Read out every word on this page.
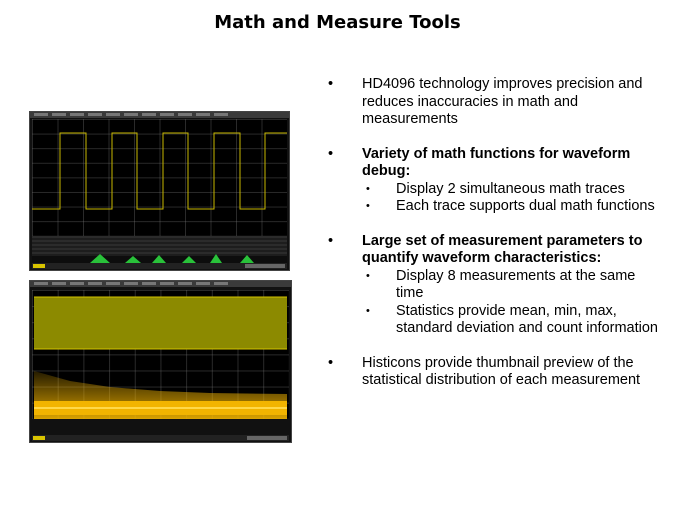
Math and Measure Tools
• HD4096 technology improves precision and reduces inaccuracies in math and measurements
• Variety of math functions for waveform debug:
• Display 2 simultaneous math traces
• Each trace supports dual math functions
• Large set of measurement parameters to quantify waveform characteristics:
• Display 8 measurements at the same time
• Statistics provide mean, min, max, standard deviation and count information
• Histicons provide thumbnail preview of the statistical distribution of each measurement
